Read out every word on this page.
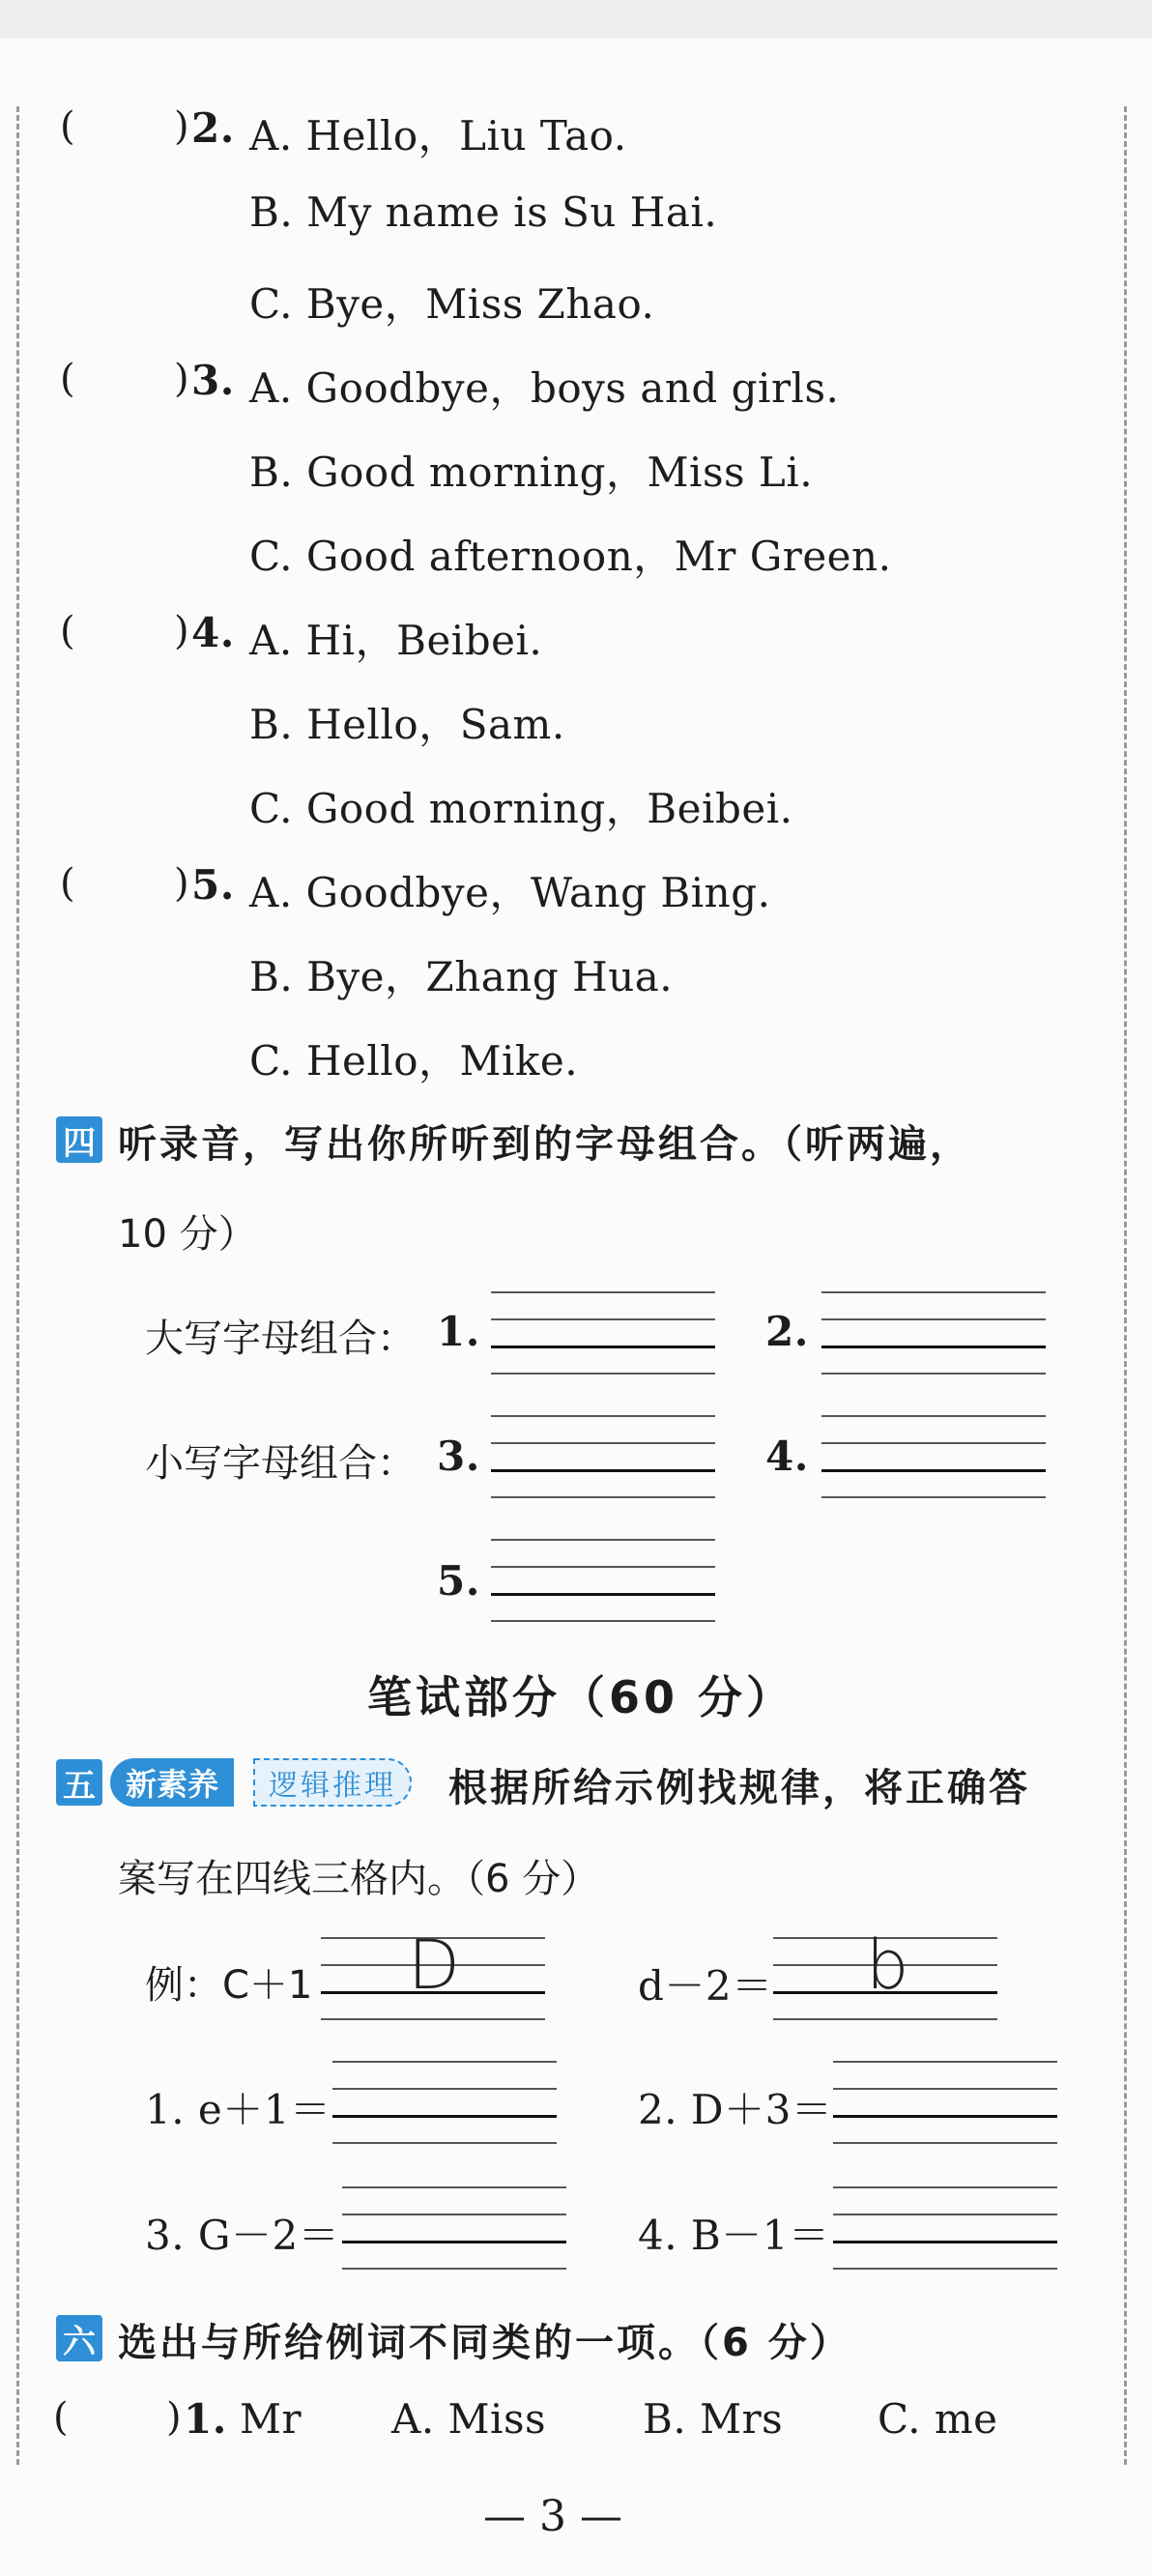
(	) 2. A. Hello，Liu Tao.
B. My name is Su Hai.
C. Bye，Miss Zhao.
(	) 3. A. Goodbye，boys and girls.
B. Good morning，Miss Li.
C. Good afternoon，Mr Green.
(	) 4. A. Hi，Beibei.
B. Hello，Sam.
C. Good morning，Beibei.
(	) 5. A. Goodbye，Wang Bing.
B. Bye，Zhang Hua.
C. Hello，Mike.
四 听录音，写出你所听到的字母组合。（听两遍，
10 分）
大写字母组合： 1.	2.
小写字母组合： 3.	4.
5.
笔试部分（60 分）
五 新素养	逻辑推理	根据所给示例找规律，将正确答
案写在四线三格内。（6 分）
例：C＋1 D	d－2＝ b
1. e＋1＝	2. D＋3＝
3. G－2＝	4. B－1＝
六 选出与所给例词不同类的一项。（6 分）
(	) 1. Mr A. Miss B. Mrs C. me
— 3 —
